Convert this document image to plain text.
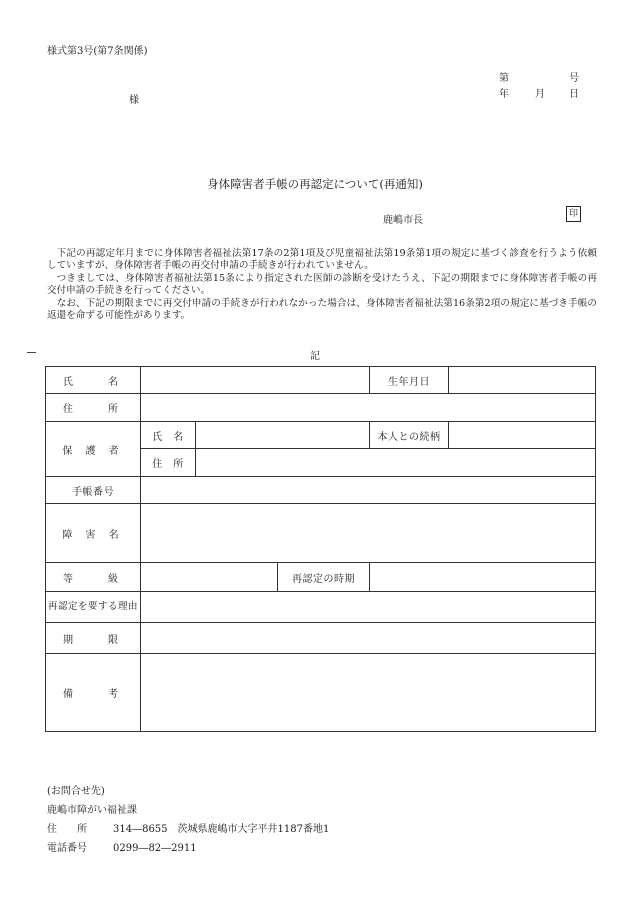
様式第3号(第7条関係)
第	号
年	月 日
様
身体障害者手帳の再認定について(再通知)
鹿嶋市長
印

下記の再認定年月までに身体障害者福祉法第17条の2第1項及び児童福祉法第19条第1項の規定に基づく診査を行うよう依頼していますが、身体障害者手帳の再交付申請の手続きが行われていません。

つきましては、身体障害者福祉法第15条により指定された医師の診断を受けたうえ、下記の期限までに身体障害者手帳の再交付申請の手続きを行ってください。

なお、下記の期限までに再交付申請の手続きが行われなかった場合は、身体障害者福祉法第16条第2項の規定に基づき手帳の返還を命ずる可能性があります。

記
氏　　名				生年月日	
住　　所					
保 護 者	氏　名			本人との続柄	
	住　所				
手帳番号					
障 害 名					
等　　級			再認定の時期		
再認定を要する理由					
期　　限					
備　　考					
(お問合せ先)
鹿嶋市障がい福祉課
住　　所	314―8655　茨城県鹿嶋市大字平井1187番地1
電話番号	0299―82―2911
